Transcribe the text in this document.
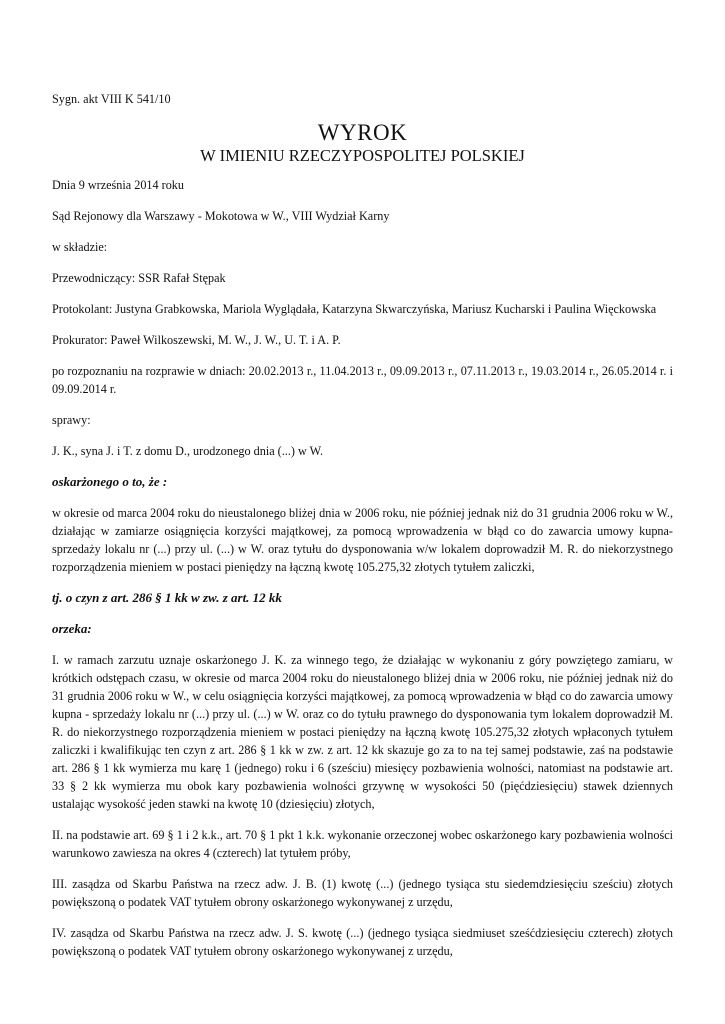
Sygn. akt VIII K 541/10

WYROK
W IMIENIU RZECZYPOSPOLITEJ POLSKIEJ

Dnia 9 września 2014 roku

Sąd Rejonowy dla Warszawy - Mokotowa w W., VIII Wydział Karny

w składzie:

Przewodniczący: SSR Rafał Stępak

Protokolant: Justyna Grabkowska, Mariola Wyglądała, Katarzyna Skwarczyńska, Mariusz Kucharski i Paulina Więckowska

Prokurator: Paweł Wilkoszewski, M. W., J. W., U. T. i A. P.

po rozpoznaniu na rozprawie w dniach: 20.02.2013 r., 11.04.2013 r., 09.09.2013 r., 07.11.2013 r., 19.03.2014 r., 26.05.2014 r. i 09.09.2014 r.

sprawy:

J. K., syna J. i T. z domu D., urodzonego dnia (...) w W.

oskarżonego o to, że :

w okresie od marca 2004 roku do nieustalonego bliżej dnia w 2006 roku, nie później jednak niż do 31 grudnia 2006 roku w W., działając w zamiarze osiągnięcia korzyści majątkowej, za pomocą wprowadzenia w błąd co do zawarcia umowy kupna-sprzedaży lokalu nr (...) przy ul. (...) w W. oraz tytułu do dysponowania w/w lokalem doprowadził M. R. do niekorzystnego rozporządzenia mieniem w postaci pieniędzy na łączną kwotę 105.275,32 złotych tytułem zaliczki,

tj. o czyn z art. 286 § 1 kk w zw. z art. 12 kk

orzeka:

I. w ramach zarzutu uznaje oskarżonego J. K. za winnego tego, że działając w wykonaniu z góry powziętego zamiaru, w krótkich odstępach czasu, w okresie od marca 2004 roku do nieustalonego bliżej dnia w 2006 roku, nie później jednak niż do 31 grudnia 2006 roku w W., w celu osiągnięcia korzyści majątkowej, za pomocą wprowadzenia w błąd co do zawarcia umowy kupna - sprzedaży lokalu nr (...) przy ul. (...) w W. oraz co do tytułu prawnego do dysponowania tym lokalem doprowadził M. R. do niekorzystnego rozporządzenia mieniem w postaci pieniędzy na łączną kwotę 105.275,32 złotych wpłaconych tytułem zaliczki i kwalifikując ten czyn z art. 286 § 1 kk w zw. z art. 12 kk skazuje go za to na tej samej podstawie, zaś na podstawie art. 286 § 1 kk wymierza mu karę 1 (jednego) roku i 6 (sześciu) miesięcy pozbawienia wolności, natomiast na podstawie art. 33 § 2 kk wymierza mu obok kary pozbawienia wolności grzywnę w wysokości 50 (pięćdziesięciu) stawek dziennych ustalając wysokość jeden stawki na kwotę 10 (dziesięciu) złotych,

II. na podstawie art. 69 § 1 i 2 k.k., art. 70 § 1 pkt 1 k.k. wykonanie orzeczonej wobec oskarżonego kary pozbawienia wolności warunkowo zawiesza na okres 4 (czterech) lat tytułem próby,

III. zasądza od Skarbu Państwa na rzecz adw. J. B. (1) kwotę (...) (jednego tysiąca stu siedemdziesięciu sześciu) złotych powiększoną o podatek VAT tytułem obrony oskarżonego wykonywanej z urzędu,

IV. zasądza od Skarbu Państwa na rzecz adw. J. S. kwotę (...) (jednego tysiąca siedmiuset sześćdziesięciu czterech) złotych powiększoną o podatek VAT tytułem obrony oskarżonego wykonywanej z urzędu,
